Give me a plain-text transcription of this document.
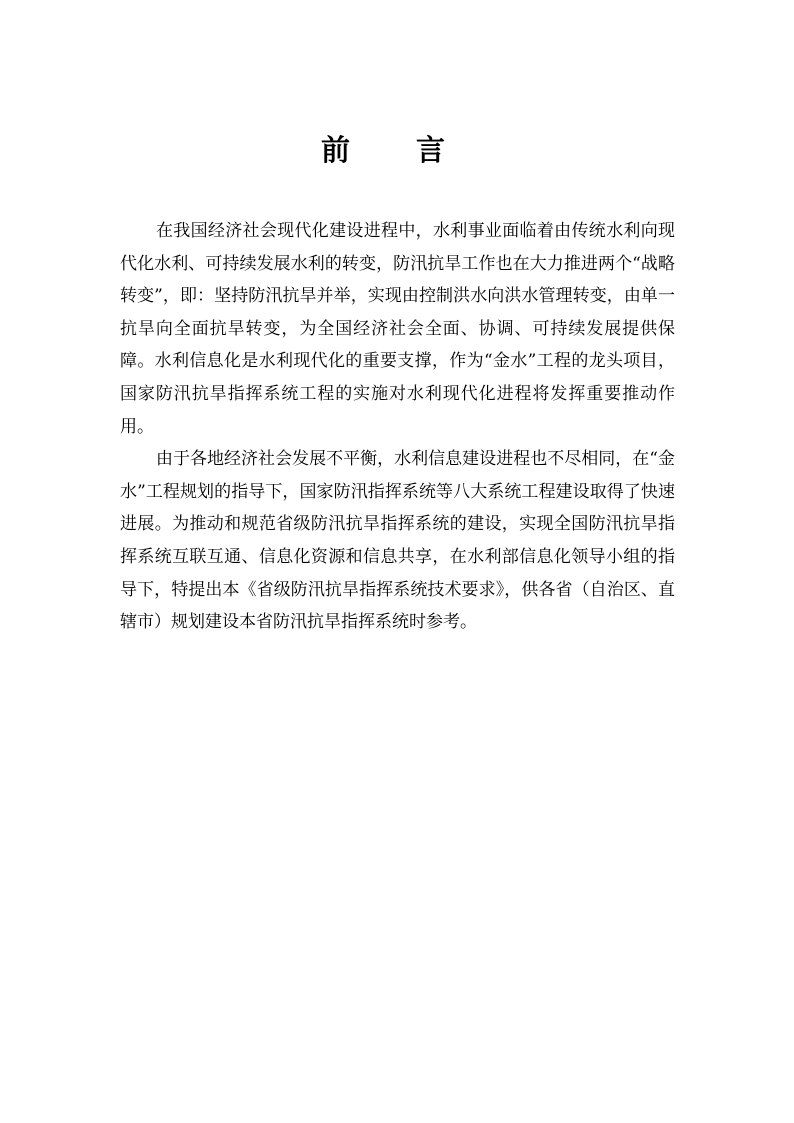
前 言

在我国经济社会现代化建设进程中，水利事业面临着由传统水利向现代化水利、可持续发展水利的转变，防汛抗旱工作也在大力推进两个“战略转变”，即：坚持防汛抗旱并举，实现由控制洪水向洪水管理转变，由单一抗旱向全面抗旱转变，为全国经济社会全面、协调、可持续发展提供保障。水利信息化是水利现代化的重要支撑，作为“金水”工程的龙头项目，国家防汛抗旱指挥系统工程的实施对水利现代化进程将发挥重要推动作用。

由于各地经济社会发展不平衡，水利信息建设进程也不尽相同，在“金水”工程规划的指导下，国家防汛指挥系统等八大系统工程建设取得了快速进展。为推动和规范省级防汛抗旱指挥系统的建设，实现全国防汛抗旱指挥系统互联互通、信息化资源和信息共享，在水利部信息化领导小组的指导下，特提出本《省级防汛抗旱指挥系统技术要求》，供各省（自治区、直辖市）规划建设本省防汛抗旱指挥系统时参考。
